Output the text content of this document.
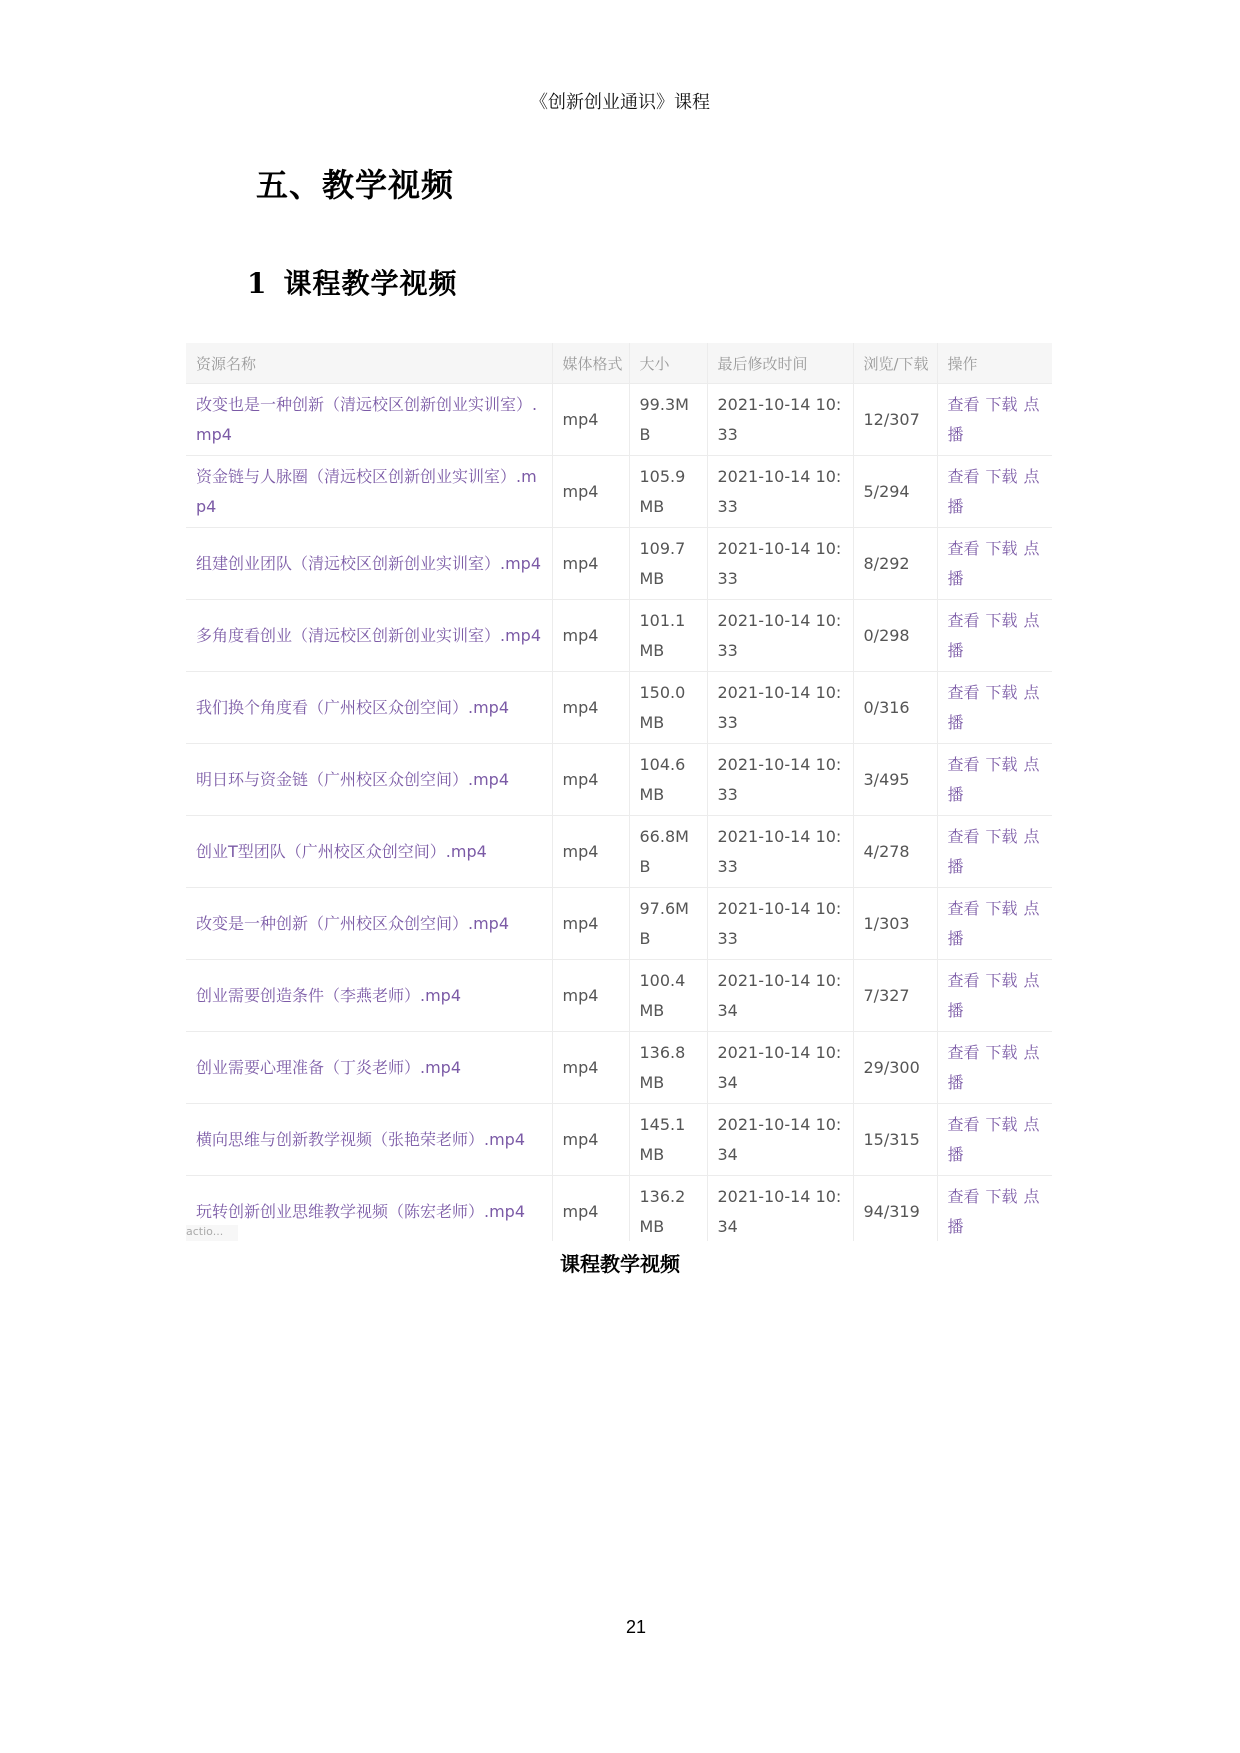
《创新创业通识》课程
五、教学视频
1 课程教学视频
资源名称	媒体格式	大小	最后修改时间	浏览/下载	操作
改变也是一种创新（清远校区创新创业实训室）.mp4	mp4	99.3MB	2021-10-14 10:33	12/307	查看 下载 点播
资金链与人脉圈（清远校区创新创业实训室）.mp4	mp4	105.9MB	2021-10-14 10:33	5/294	查看 下载 点播
组建创业团队（清远校区创新创业实训室）.mp4	mp4	109.7MB	2021-10-14 10:33	8/292	查看 下载 点播
多角度看创业（清远校区创新创业实训室）.mp4	mp4	101.1MB	2021-10-14 10:33	0/298	查看 下载 点播
我们换个角度看（广州校区众创空间）.mp4	mp4	150.0MB	2021-10-14 10:33	0/316	查看 下载 点播
明日环与资金链（广州校区众创空间）.mp4	mp4	104.6MB	2021-10-14 10:33	3/495	查看 下载 点播
创业T型团队（广州校区众创空间）.mp4	mp4	66.8MB	2021-10-14 10:33	4/278	查看 下载 点播
改变是一种创新（广州校区众创空间）.mp4	mp4	97.6MB	2021-10-14 10:33	1/303	查看 下载 点播
创业需要创造条件（李燕老师）.mp4	mp4	100.4MB	2021-10-14 10:34	7/327	查看 下载 点播
创业需要心理准备（丁炎老师）.mp4	mp4	136.8MB	2021-10-14 10:34	29/300	查看 下载 点播
横向思维与创新教学视频（张艳荣老师）.mp4	mp4	145.1MB	2021-10-14 10:34	15/315	查看 下载 点播
玩转创新创业思维教学视频（陈宏老师）.mp4	mp4	136.2MB	2021-10-14 10:34	94/319	查看 下载 点播
actio...
课程教学视频
21
